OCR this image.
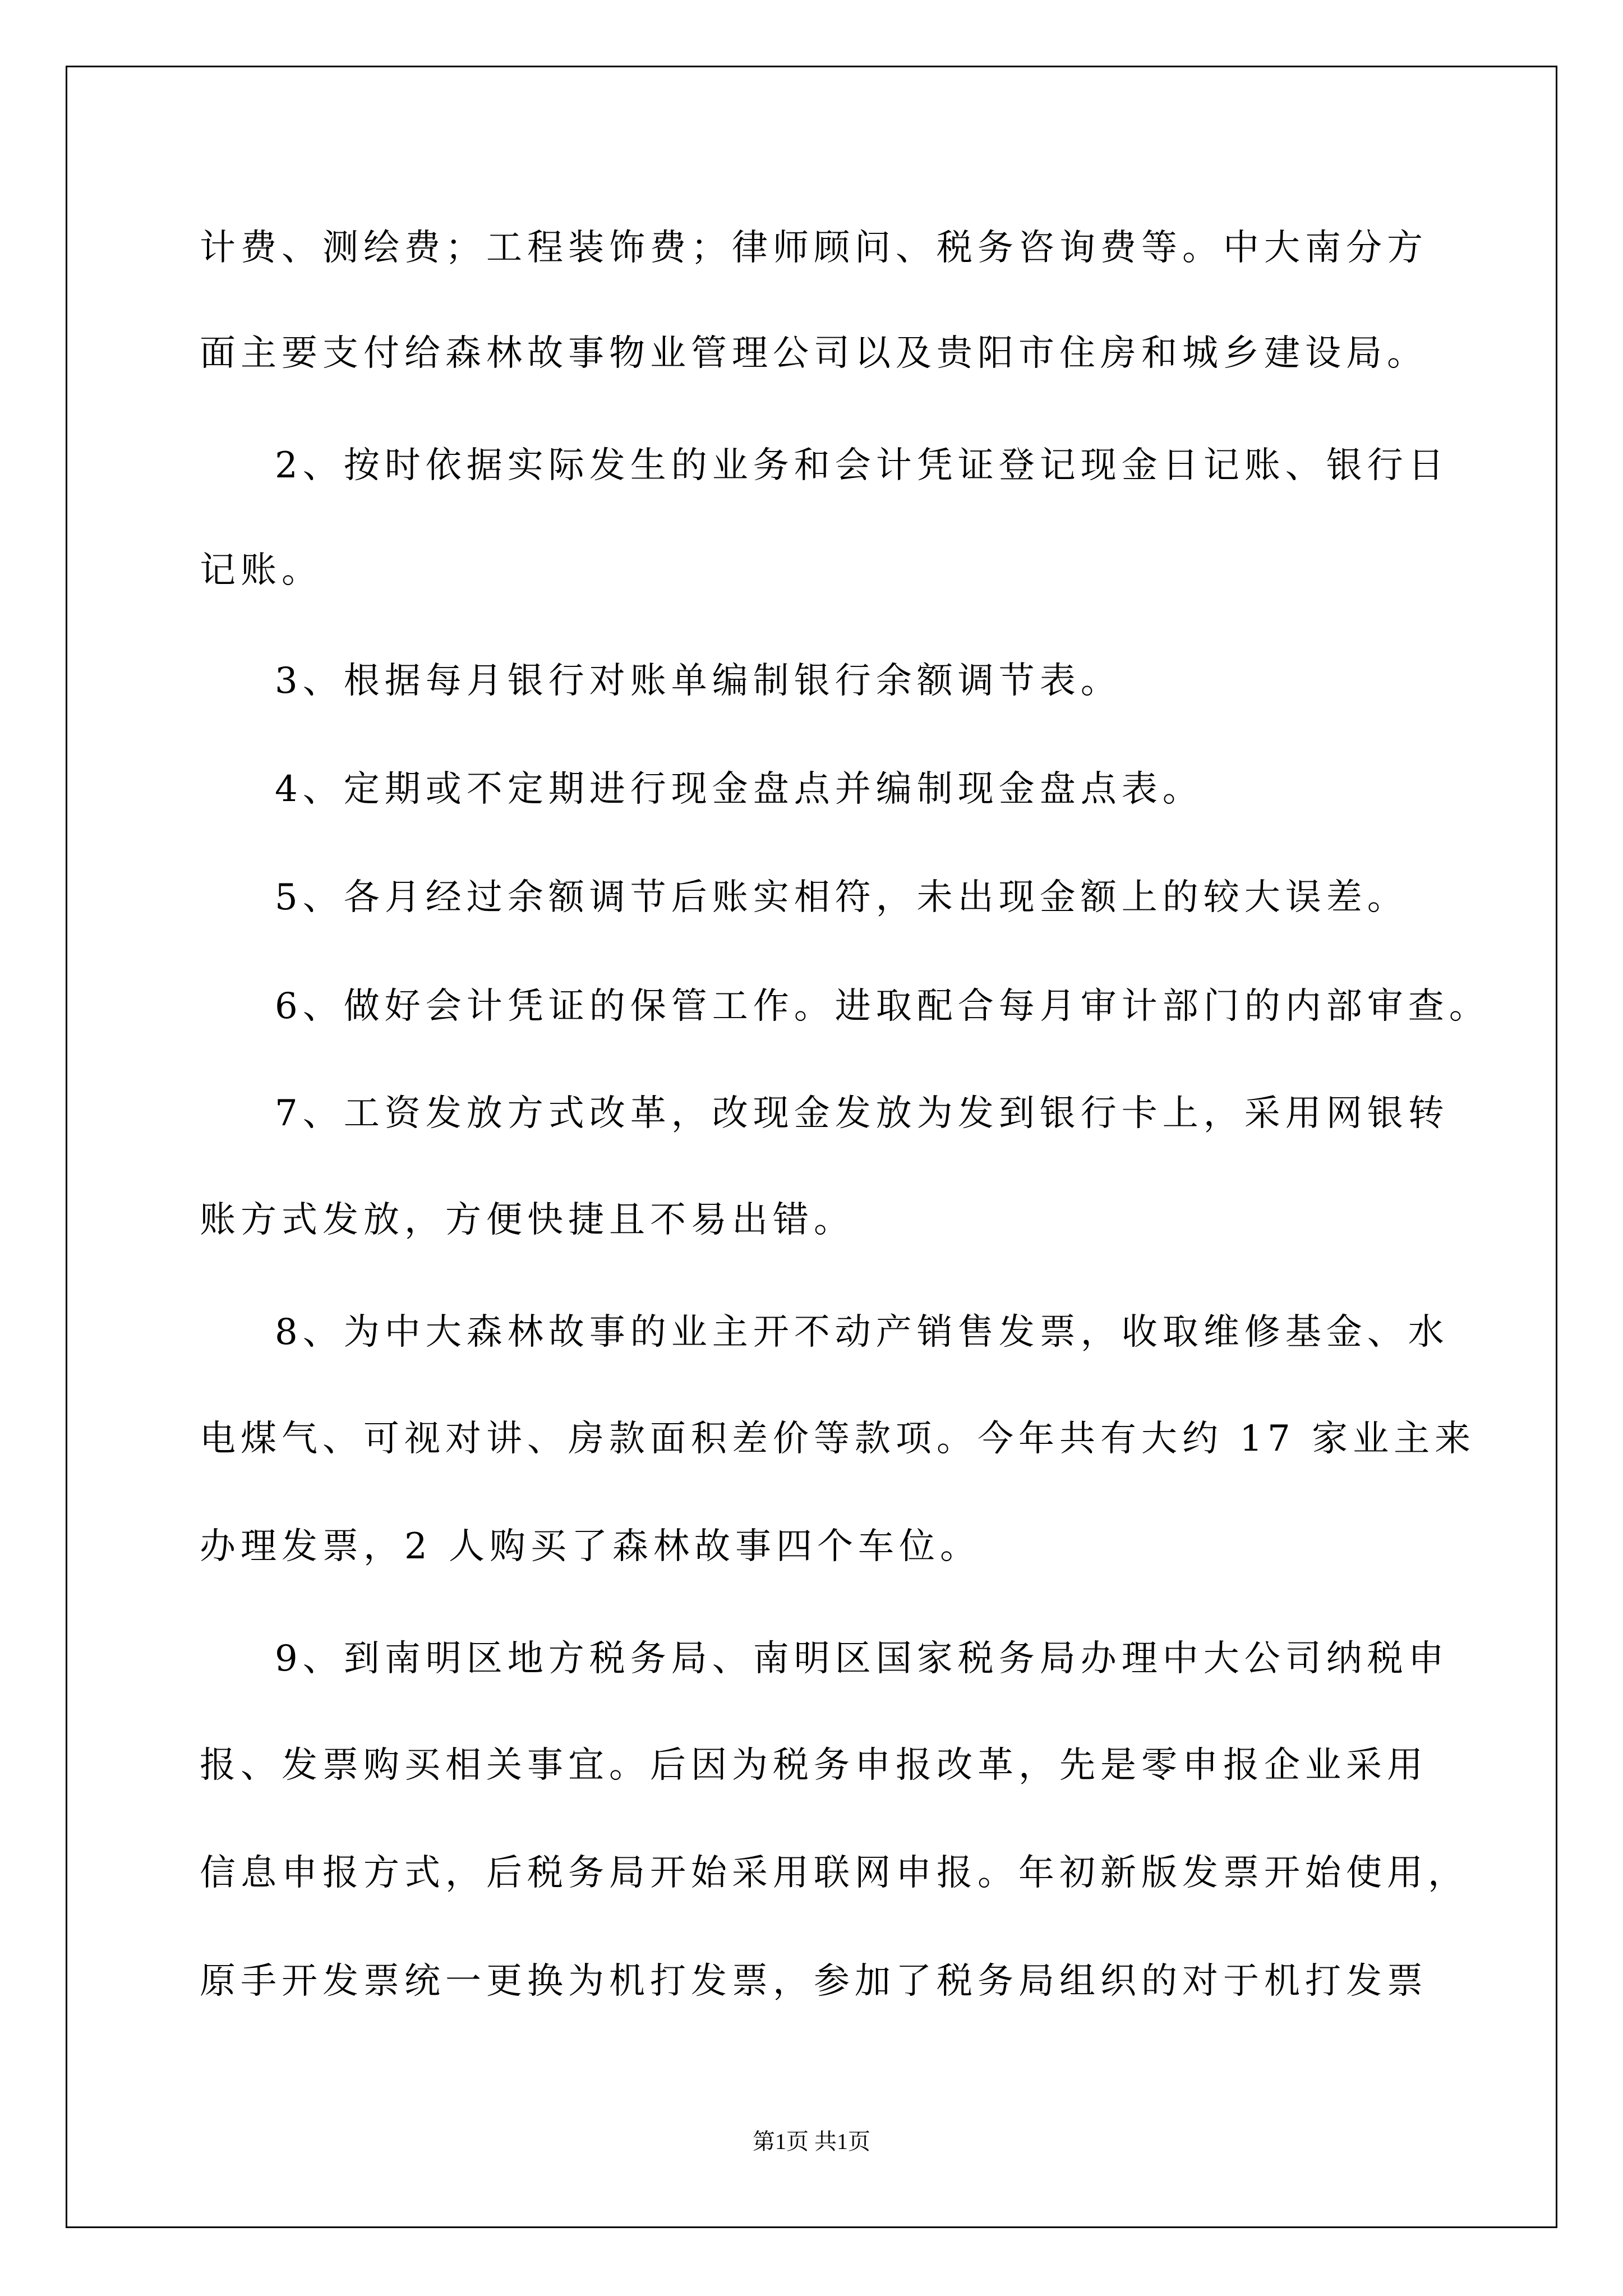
计费、测绘费；工程装饰费；律师顾问、税务咨询费等。中大南分方
面主要支付给森林故事物业管理公司以及贵阳市住房和城乡建设局。
2、按时依据实际发生的业务和会计凭证登记现金日记账、银行日
记账。
3、根据每月银行对账单编制银行余额调节表。
4、定期或不定期进行现金盘点并编制现金盘点表。
5、各月经过余额调节后账实相符，未出现金额上的较大误差。
6、做好会计凭证的保管工作。进取配合每月审计部门的内部审查。
7、工资发放方式改革，改现金发放为发到银行卡上，采用网银转
账方式发放，方便快捷且不易出错。
8、为中大森林故事的业主开不动产销售发票，收取维修基金、水
电煤气、可视对讲、房款面积差价等款项。今年共有大约 17 家业主来
办理发票，2 人购买了森林故事四个车位。
9、到南明区地方税务局、南明区国家税务局办理中大公司纳税申
报、发票购买相关事宜。后因为税务申报改革，先是零申报企业采用
信息申报方式，后税务局开始采用联网申报。年初新版发票开始使用，
原手开发票统一更换为机打发票，参加了税务局组织的对于机打发票
第1页 共1页
